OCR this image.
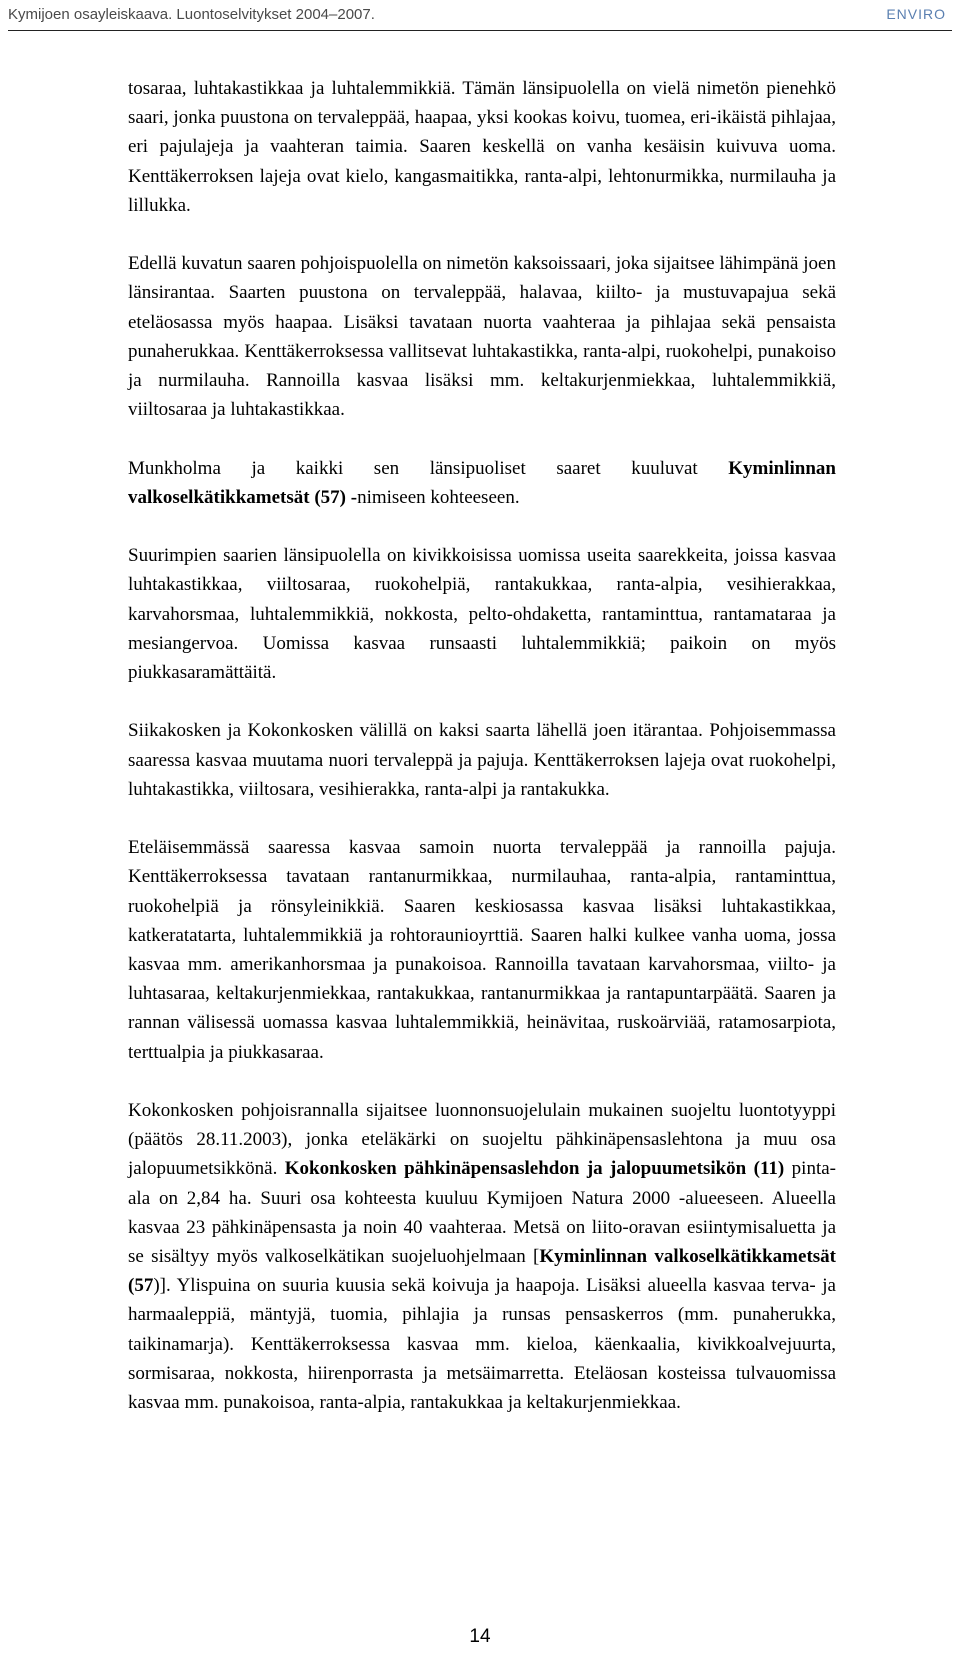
Kymijoen osayleiskaava. Luontoselvitykset 2004–2007.	ENVIRO

tosaraa, luhtakastikkaa ja luhtalemmikkiä. Tämän länsipuolella on vielä nimetön pienehkö saari, jonka puustona on tervaleppää, haapaa, yksi kookas koivu, tuomea, eri-ikäistä pihlajaa, eri pajulajeja ja vaahteran taimia. Saaren keskellä on vanha kesäisin kuivuva uoma. Kenttäkerroksen lajeja ovat kielo, kangasmaitikka, ranta-alpi, lehtonurmikka, nurmilauha ja lillukka.

Edellä kuvatun saaren pohjoispuolella on nimetön kaksoissaari, joka sijaitsee lähimpänä joen länsirantaa. Saarten puustona on tervaleppää, halavaa, kiilto- ja mustuvapajua sekä eteläosassa myös haapaa. Lisäksi tavataan nuorta vaahteraa ja pihlajaa sekä pensaista punaherukkaa. Kenttäkerroksessa vallitsevat luhtakastikka, ranta-alpi, ruokohelpi, punakoiso ja nurmilauha. Rannoilla kasvaa lisäksi mm. keltakurjenmiekkaa, luhtalemmikkiä, viiltosaraa ja luhtakastikkaa.

Munkholma ja kaikki sen länsipuoliset saaret kuuluvat Kyminlinnan valkoselkätikkametsät (57) -nimiseen kohteeseen.

Suurimpien saarien länsipuolella on kivikkoisissa uomissa useita saarekkeita, joissa kasvaa luhtakastikkaa, viiltosaraa, ruokohelpiä, rantakukkaa, ranta-alpia, vesihierakkaa, karvahorsmaa, luhtalemmikkiä, nokkosta, pelto-ohdaketta, rantaminttua, rantamataraa ja mesiangervoa. Uomissa kasvaa runsaasti luhtalemmikkiä; paikoin on myös piukkasaramättäitä.

Siikakosken ja Kokonkosken välillä on kaksi saarta lähellä joen itärantaa. Pohjoisemmassa saaressa kasvaa muutama nuori tervaleppä ja pajuja. Kenttäkerroksen lajeja ovat ruokohelpi, luhtakastikka, viiltosara, vesihierakka, ranta-alpi ja rantakukka.

Eteläisemmässä saaressa kasvaa samoin nuorta tervaleppää ja rannoilla pajuja. Kenttäkerroksessa tavataan rantanurmikkaa, nurmilauhaa, ranta-alpia, rantaminttua, ruokohelpiä ja rönsyleinikkiä. Saaren keskiosassa kasvaa lisäksi luhtakastikkaa, katkeratatarta, luhtalemmikkiä ja rohtoraunioyrttiä. Saaren halki kulkee vanha uoma, jossa kasvaa mm. amerikanhorsmaa ja punakoisoa. Rannoilla tavataan karvahorsmaa, viilto- ja luhtasaraa, keltakurjenmiekkaa, rantakukkaa, rantanurmikkaa ja rantapuntarpäätä. Saaren ja rannan välisessä uomassa kasvaa luhtalemmikkiä, heinävitaa, ruskoärviää, ratamosarpiota, terttualpia ja piukkasaraa.

Kokonkosken pohjoisrannalla sijaitsee luonnonsuojelulain mukainen suojeltu luontotyyppi (päätös 28.11.2003), jonka eteläkärki on suojeltu pähkinäpensaslehtona ja muu osa jalopuumetsikkönä. Kokonkosken pähkinäpensaslehdon ja jalopuumetsikön (11) pinta-ala on 2,84 ha. Suuri osa kohteesta kuuluu Kymijoen Natura 2000 -alueeseen. Alueella kasvaa 23 pähkinäpensasta ja noin 40 vaahteraa. Metsä on liito-oravan esiintymisaluetta ja se sisältyy myös valkoselkätikan suojeluohjelmaan [Kyminlinnan valkoselkätikkametsät (57)]. Ylispuina on suuria kuusia sekä koivuja ja haapoja. Lisäksi alueella kasvaa terva- ja harmaaleppiä, mäntyjä, tuomia, pihlajia ja runsas pensaskerros (mm. punaherukka, taikinamarja). Kenttäkerroksessa kasvaa mm. kieloa, käenkaalia, kivikkoalvejuurta, sormisaraa, nokkosta, hiirenporrasta ja metsäimarretta. Eteläosan kosteissa tulvauomissa kasvaa mm. punakoisoa, ranta-alpia, rantakukkaa ja keltakurjenmiekkaa.

14
